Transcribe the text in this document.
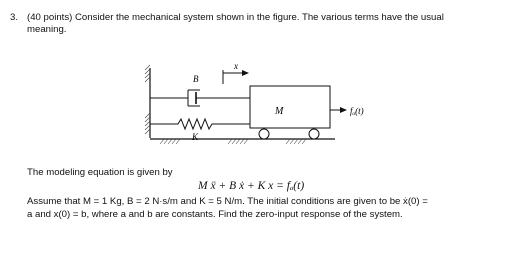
3. (40 points) Consider the mechanical system shown in the figure. The various terms have the usual
meaning.
B
K
x
M	fₐ(t)
The modeling equation is given by
M ẍ + B ẋ + K x = fₐ(t)
Assume that M = 1 Kg, B = 2 N·s/m and K = 5 N/m. The initial conditions are given to be ẋ(0) =
a and x(0) = b, where a and b are constants. Find the zero-input response of the system.
